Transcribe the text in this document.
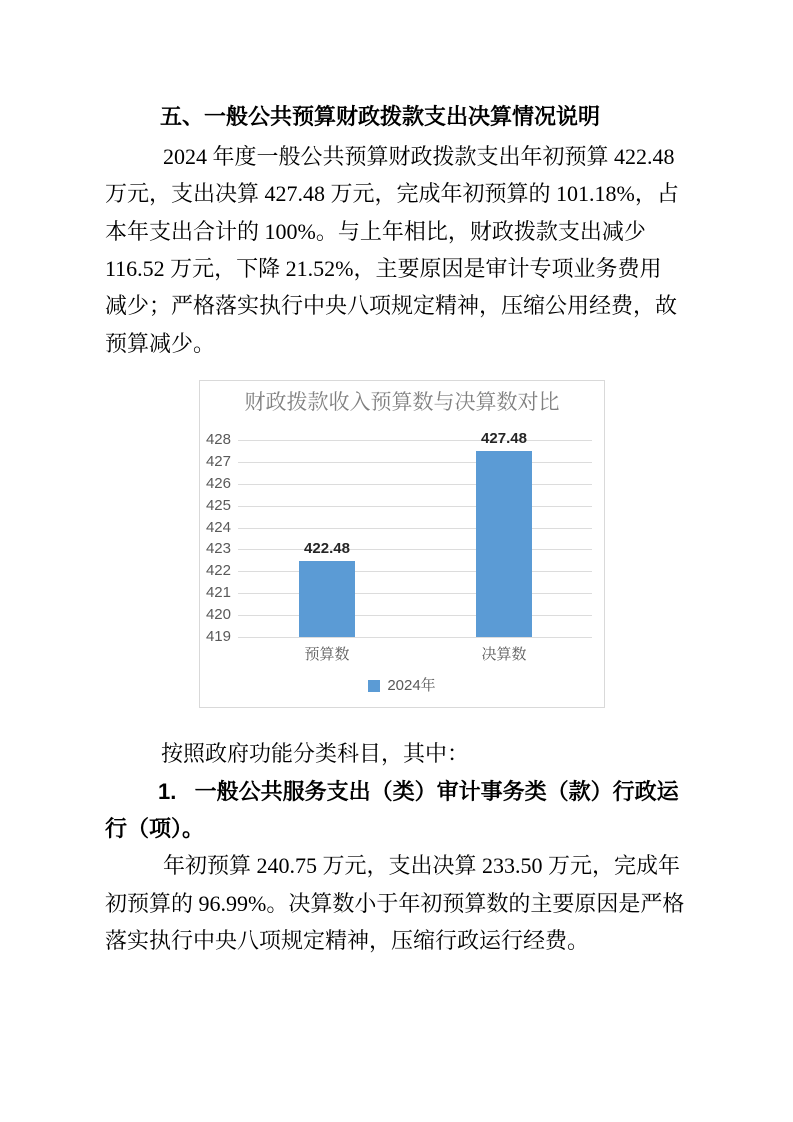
五、一般公共预算财政拨款支出决算情况说明
2024 年度一般公共预算财政拨款支出年初预算 422.48
万元，支出决算 427.48 万元，完成年初预算的 101.18%，占
本年支出合计的 100%。与上年相比，财政拨款支出减少
116.52 万元，下降 21.52%，主要原因是审计专项业务费用
减少；严格落实执行中央八项规定精神，压缩公用经费，故
预算减少。
财政拨款收入预算数与决算数对比
428
427
426
425
424
423
422
421
420
419
422.48
预算数
427.48
决算数
2024年
按照政府功能分类科目，其中：
1.   一般公共服务支出（类）审计事务类（款）行政运
行（项）。
年初预算 240.75 万元，支出决算 233.50 万元，完成年
初预算的 96.99%。决算数小于年初预算数的主要原因是严格
落实执行中央八项规定精神，压缩行政运行经费。
